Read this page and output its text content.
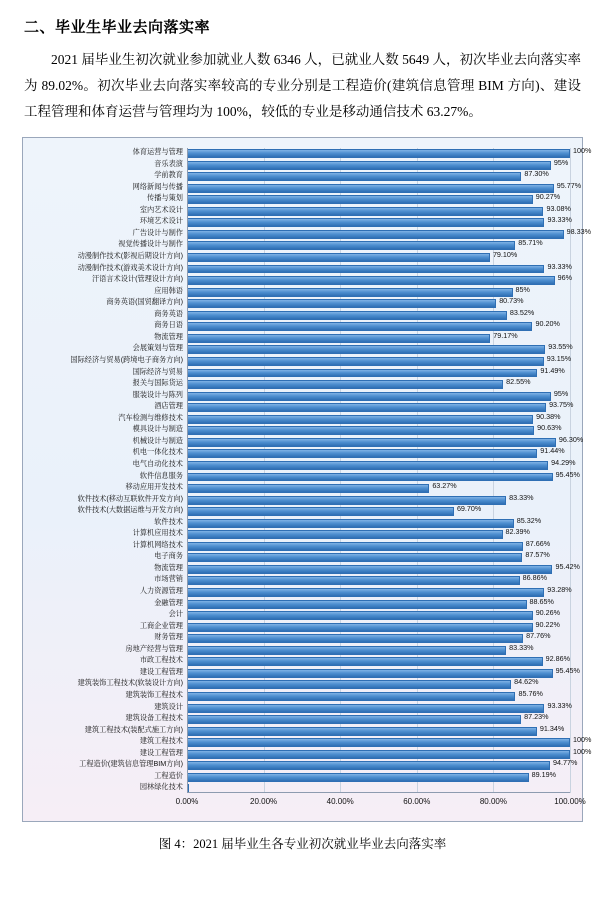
二、毕业生毕业去向落实率
2021 届毕业生初次就业参加就业人数 6346 人，已就业人数 5649 人，初次毕业去向落实率为 89.02%。初次毕业去向落实率较高的专业分别是工程造价(建筑信息管理 BIM 方向)、建设工程管理和体育运营与管理均为 100%，较低的专业是移动通信技术 63.27%。
体育运营与管理	100%
音乐表演	95%
学前教育	87.30%
网络新闻与传播	95.77%
传播与策划	90.27%
室内艺术设计	93.08%
环境艺术设计	93.33%
广告设计与制作	98.33%
视觉传播设计与制作	85.71%
动漫制作技术(影视后期设计方向)	79.10%
动漫制作技术(游戏美术设计方向)	93.33%
汗语言术设计(管理设计方向)	96%
应用韩语	85%
商务英语(国贸翻译方向)	80.73%
商务英语	83.52%
商务日语	90.20%
物流管理	79.17%
会展策划与管理	93.55%
国际经济与贸易(跨境电子商务方向)	93.15%
国际经济与贸易	91.49%
报关与国际货运	82.55%
服装设计与陈列	95%
酒店管理	93.75%
汽车检测与维修技术	90.38%
模具设计与制造	90.63%
机械设计与制造	96.30%
机电一体化技术	91.44%
电气自动化技术	94.29%
软件信息服务	95.45%
移动应用开发技术	63.27%
软件技术(移动互联软件开发方向)	83.33%
软件技术(大数据运维与开发方向)	69.70%
软件技术	85.32%
计算机应用技术	82.39%
计算机网络技术	87.66%
电子商务	87.57%
物流管理	95.42%
市场营销	86.86%
人力资源管理	93.28%
金融管理	88.65%
会计	90.26%
工商企业管理	90.22%
财务管理	87.76%
房地产经营与管理	83.33%
市政工程技术	92.86%
建设工程管理	95.45%
建筑装饰工程技术(软装设计方向)	84.62%
建筑装饰工程技术	85.76%
建筑设计	93.33%
建筑设备工程技术	87.23%
建筑工程技术(装配式施工方向)	91.34%
建筑工程技术	100%
建设工程管理	100%
工程造价(建筑信息管理BIM方向)	94.77%
工程造价	89.19%
园林绿化技术
0.00%	20.00%	40.00%	60.00%	80.00%	100.00%
图 4：2021 届毕业生各专业初次就业毕业去向落实率
